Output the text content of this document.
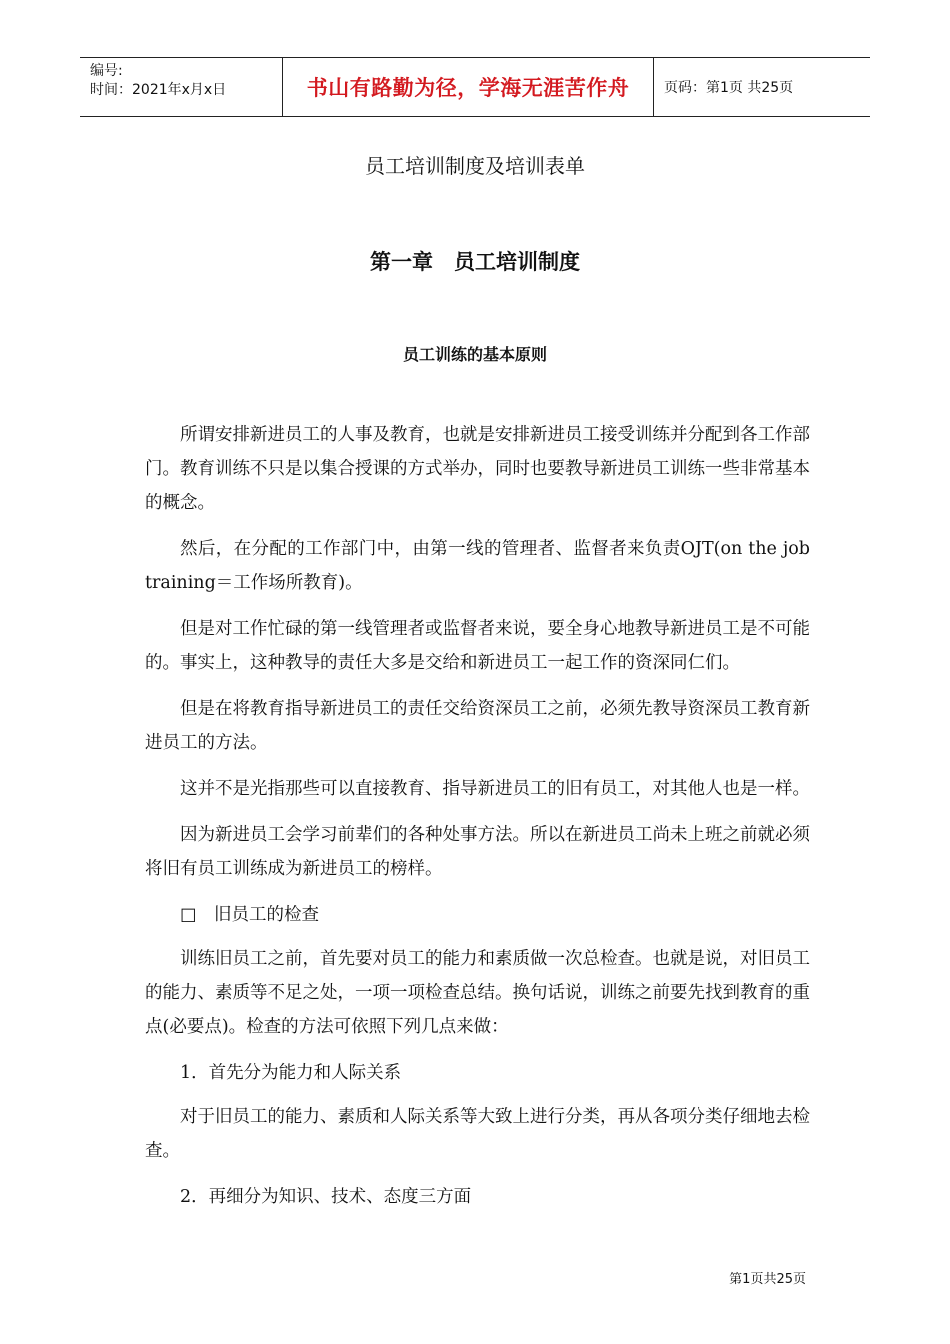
编号:
时间：2021年x月x日	书山有路勤为径，学海无涯苦作舟	页码：第1页 共25页
员工培训制度及培训表单
第一章　员工培训制度
员工训练的基本原则

所谓安排新进员工的人事及教育，也就是安排新进员工接受训练并分配到各工作部门。教育训练不只是以集合授课的方式举办，同时也要教导新进员工训练一些非常基本的概念。

然后，在分配的工作部门中，由第一线的管理者、监督者来负责OJT(on the job training＝工作场所教育)。

但是对工作忙碌的第一线管理者或监督者来说，要全身心地教导新进员工是不可能的。事实上，这种教导的责任大多是交给和新进员工一起工作的资深同仁们。

但是在将教育指导新进员工的责任交给资深员工之前，必须先教导资深员工教育新进员工的方法。

这并不是光指那些可以直接教育、指导新进员工的旧有员工，对其他人也是一样。

因为新进员工会学习前辈们的各种处事方法。所以在新进员工尚未上班之前就必须将旧有员工训练成为新进员工的榜样。

□　旧员工的检查

训练旧员工之前，首先要对员工的能力和素质做一次总检查。也就是说，对旧员工的能力、素质等不足之处，一项一项检查总结。换句话说，训练之前要先找到教育的重点(必要点)。检查的方法可依照下列几点来做：

1．首先分为能力和人际关系

对于旧员工的能力、素质和人际关系等大致上进行分类，再从各项分类仔细地去检查。

2．再细分为知识、技术、态度三方面

第1页共25页
